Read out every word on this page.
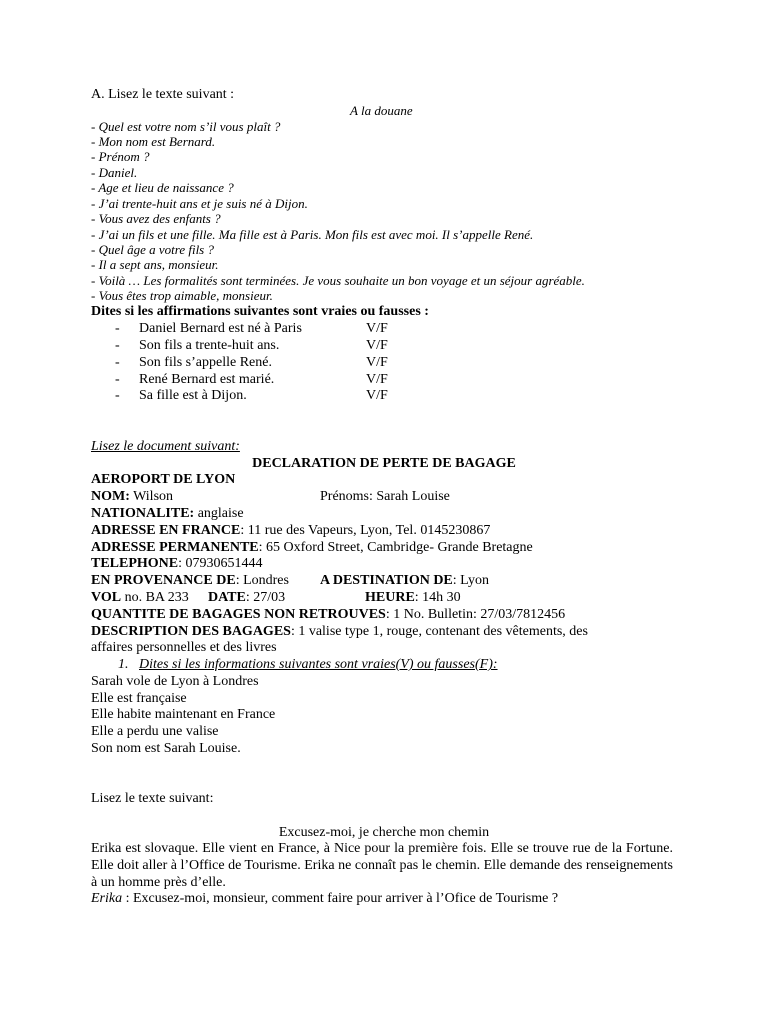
A. Lisez le texte suivant :
A la douane
- Quel est votre nom s’il vous plaît ?
- Mon nom est Bernard.
- Prénom ?
- Daniel.
- Age et lieu de naissance ?
- J’ai trente-huit ans et je suis né à Dijon.
- Vous avez des enfants ?
- J’ai un fils et une fille. Ma fille est à Paris. Mon fils est avec moi. Il s’appelle René.
- Quel âge a votre fils ?
- Il a sept ans, monsieur.
- Voilà … Les formalités sont terminées. Je vous souhaite un bon voyage et un séjour agréable.
- Vous êtes trop aimable, monsieur.
Dites si les affirmations suivantes sont vraies ou fausses :
- Daniel Bernard est né à Paris	V/F
- Son fils a trente-huit ans.	V/F
- Son fils s’appelle René.	V/F
- René Bernard est marié.	V/F
- Sa fille est à Dijon.	V/F
Lisez le document suivant:
DECLARATION DE PERTE DE BAGAGE
AEROPORT DE LYON
NOM: Wilson	Prénoms: Sarah Louise
NATIONALITE: anglaise
ADRESSE EN FRANCE: 11 rue des Vapeurs, Lyon, Tel. 0145230867
ADRESSE PERMANENTE: 65 Oxford Street, Cambridge- Grande Bretagne
TELEPHONE: 07930651444
EN PROVENANCE DE: Londres A DESTINATION DE: Lyon
VOL no. BA 233 DATE: 27/03	HEURE: 14h 30
QUANTITE DE BAGAGES NON RETROUVES: 1 No. Bulletin: 27/03/7812456
DESCRIPTION DES BAGAGES: 1 valise type 1, rouge, contenant des vêtements, des
affaires personnelles et des livres
1. Dites si les informations suivantes sont vraies(V) ou fausses(F):
Sarah vole de Lyon à Londres
Elle est française
Elle habite maintenant en France
Elle a perdu une valise
Son nom est Sarah Louise.
Lisez le texte suivant:
Excusez-moi, je cherche mon chemin
Erika est slovaque. Elle vient en France, à Nice pour la première fois. Elle se trouve rue de la Fortune. Elle doit aller à l’Office de Tourisme. Erika ne connaît pas le chemin. Elle demande des renseignements à un homme près d’elle.
Erika : Excusez-moi, monsieur, comment faire pour arriver à l’Ofice de Tourisme ?
